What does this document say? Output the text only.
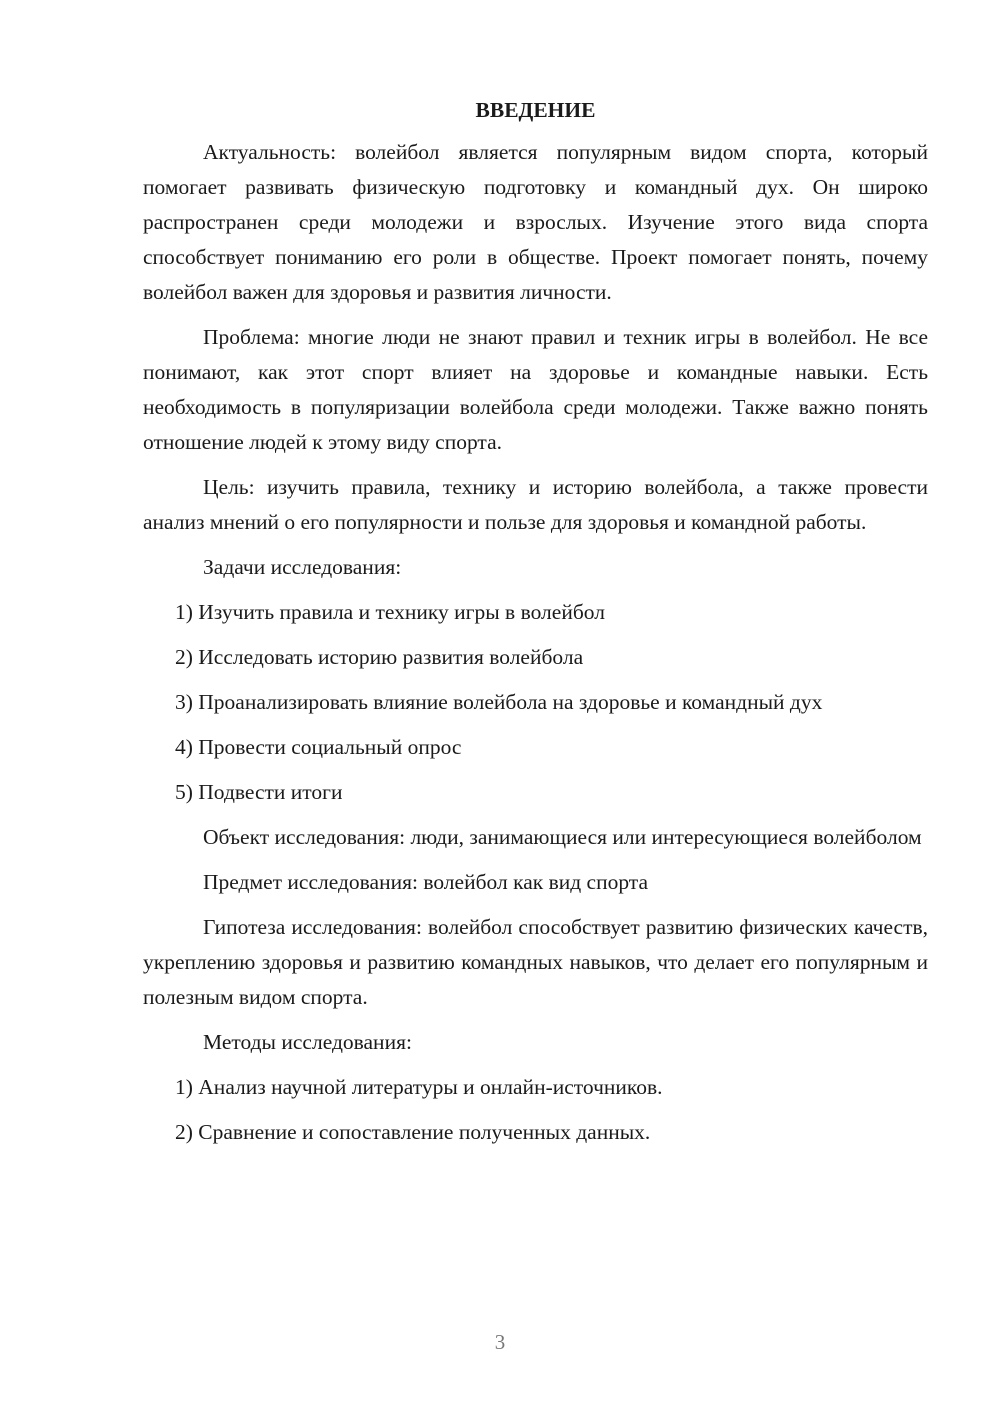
ВВЕДЕНИЕ

Актуальность: волейбол является популярным видом спорта, который помогает развивать физическую подготовку и командный дух. Он широко распространен среди молодежи и взрослых. Изучение этого вида спорта способствует пониманию его роли в обществе. Проект помогает понять, почему волейбол важен для здоровья и развития личности.

Проблема: многие люди не знают правил и техник игры в волейбол. Не все понимают, как этот спорт влияет на здоровье и командные навыки. Есть необходимость в популяризации волейбола среди молодежи. Также важно понять отношение людей к этому виду спорта.

Цель: изучить правила, технику и историю волейбола, а также провести анализ мнений о его популярности и пользе для здоровья и командной работы.

Задачи исследования:

1) Изучить правила и технику игры в волейбол

2) Исследовать историю развития волейбола

3) Проанализировать влияние волейбола на здоровье и командный дух

4) Провести социальный опрос

5) Подвести итоги

Объект исследования: люди, занимающиеся или интересующиеся волейболом

Предмет исследования: волейбол как вид спорта

Гипотеза исследования: волейбол способствует развитию физических качеств, укреплению здоровья и развитию командных навыков, что делает его популярным и полезным видом спорта.

Методы исследования:

1) Анализ научной литературы и онлайн-источников.

2) Сравнение и сопоставление полученных данных.

3
